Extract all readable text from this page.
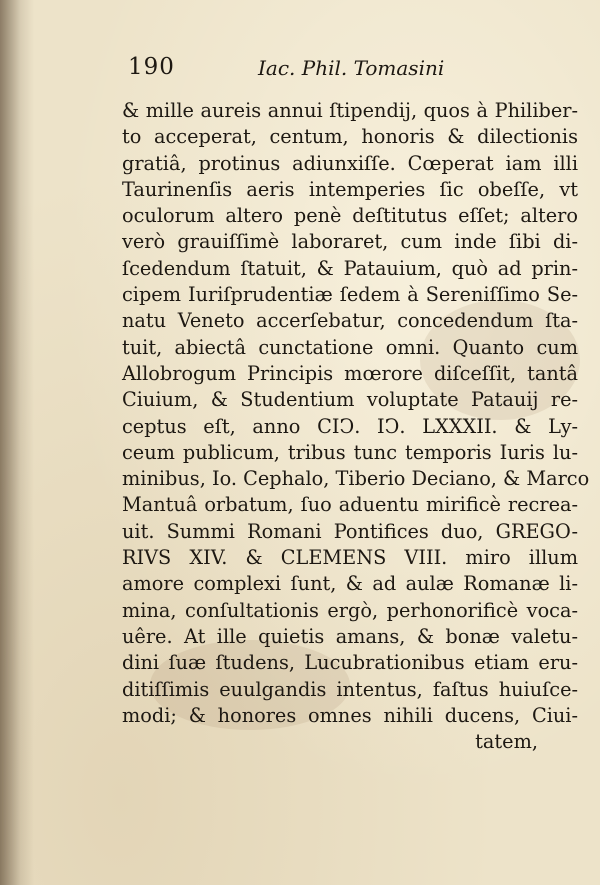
190	Iac. Phil. Tomasini
& mille aureis annui ſtipendij, quos à Philiber-
to acceperat, centum, honoris & dilectionis
gratiâ, protinus adiunxiſſe. Cœperat iam illi
Taurinenſis aeris intemperies ſic obeſſe, vt
oculorum altero penè deſtitutus eſſet; altero
verò grauiſſimè laboraret, cum inde ſibi di-
ſcedendum ſtatuit, & Patauium, quò ad prin-
cipem Iuriſprudentiæ ſedem à Sereniſſimo Se-
natu Veneto accerſebatur, concedendum ſta-
tuit, abiectâ cunctatione omni. Quanto cum
Allobrogum Principis mœrore diſceſſit, tantâ
Ciuium, & Studentium voluptate Patauij re-
ceptus eſt, anno CIↃ. IↃ. LXXXII. & Ly-
ceum publicum, tribus tunc temporis Iuris lu-
minibus, Io. Cephalo, Tiberio Deciano, & Marco
Mantuâ orbatum, ſuo aduentu mirificè recrea-
uit. Summi Romani Pontifices duo, GREGO-
RIVS XIV. & CLEMENS VIII. miro illum
amore complexi ſunt, & ad aulæ Romanæ li-
mina, conſultationis ergò, perhonorificè voca-
uêre. At ille quietis amans, & bonæ valetu-
dini ſuæ ſtudens, Lucubrationibus etiam eru-
ditiſſimis euulgandis intentus, faſtus huiuſce-
modi; & honores omnes nihili ducens, Ciui-
tatem,
